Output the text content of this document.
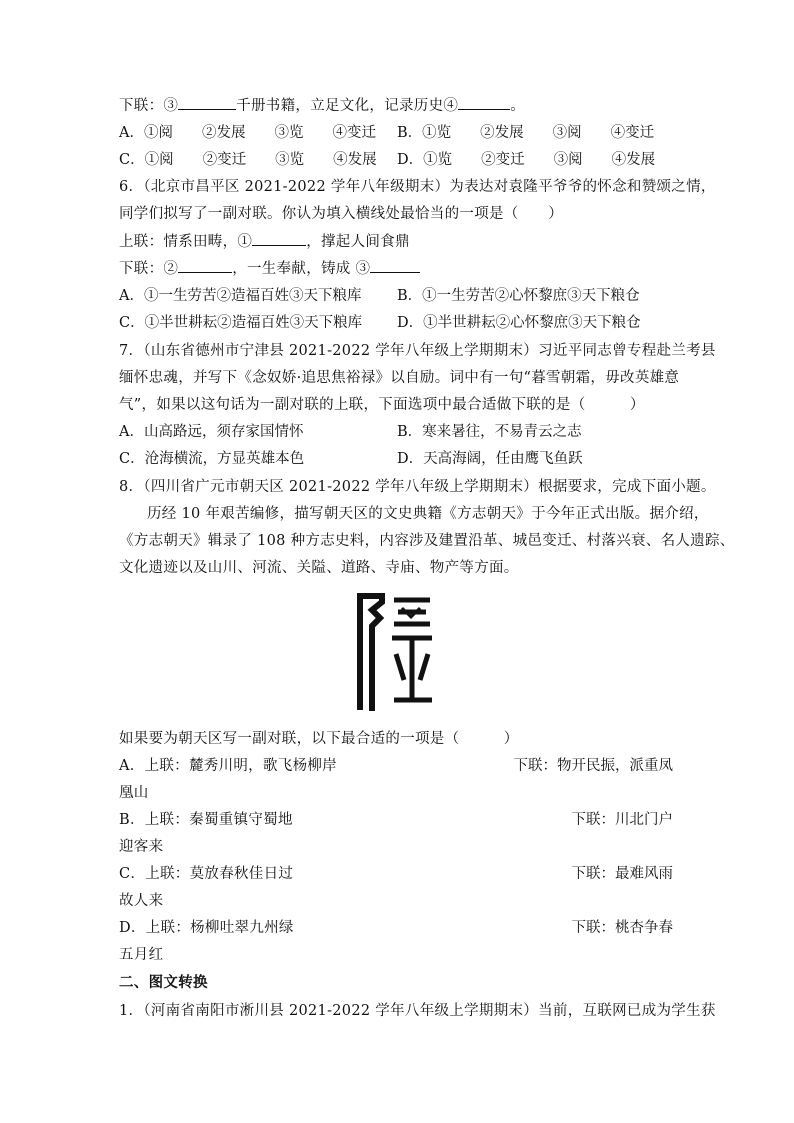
下联：③	千册书籍，立足文化，记录历史④	。
A．①阅　　②发展　　③览　　④变迁 B．①览　　②发展　　③阅　　④变迁
C．①阅　　②变迁　　③览　　④发展 D．①览　　②变迁　　③阅　　④发展
6．（北京市昌平区 2021-2022 学年八年级期末）为表达对袁隆平爷爷的怀念和赞颂之情，
同学们拟写了一副对联。你认为填入横线处最恰当的一项是（　　）
上联：情系田畴，①	，撑起人间食鼎
下联：②	，一生奉献，铸成 ③
A．①一生劳苦②造福百姓③天下粮库 B．①一生劳苦②心怀黎庶③天下粮仓
C．①半世耕耘②造福百姓③天下粮库 D．①半世耕耘②心怀黎庶③天下粮仓
7．（山东省德州市宁津县 2021-2022 学年八年级上学期期末）习近平同志曾专程赴兰考县
缅怀忠魂，并写下《念奴娇·追思焦裕禄》以自励。词中有一句“暮雪朝霜，毋改英雄意
气”，如果以这句话为一副对联的上联，下面选项中最合适做下联的是（　　　）
A．山高路远，须存家国情怀	B．寒来暑往，不易青云之志
C．沧海横流，方显英雄本色	D．天高海阔，任由鹰飞鱼跃
8．（四川省广元市朝天区 2021-2022 学年八年级上学期期末）根据要求，完成下面小题。
历经 10 年艰苦编修，描写朝天区的文史典籍《方志朝天》于今年正式出版。据介绍，
《方志朝天》辑录了 108 种方志史料，内容涉及建置沿革、城邑变迁、村落兴衰、名人遗踪、
文化遗迹以及山川、河流、关隘、道路、寺庙、物产等方面。
如果要为朝天区写一副对联，以下最合适的一项是（　　　）
A．上联：麓秀川明，歌飞杨柳岸	下联：物开民振，派重凤
凰山
B．上联：秦蜀重镇守蜀地	下联：川北门户
迎客来
C．上联：莫放春秋佳日过	下联：最难风雨
故人来
D．上联：杨柳吐翠九州绿	下联：桃杏争春
五月红
二、图文转换
1．（河南省南阳市淅川县 2021-2022 学年八年级上学期期末）当前，互联网已成为学生获
